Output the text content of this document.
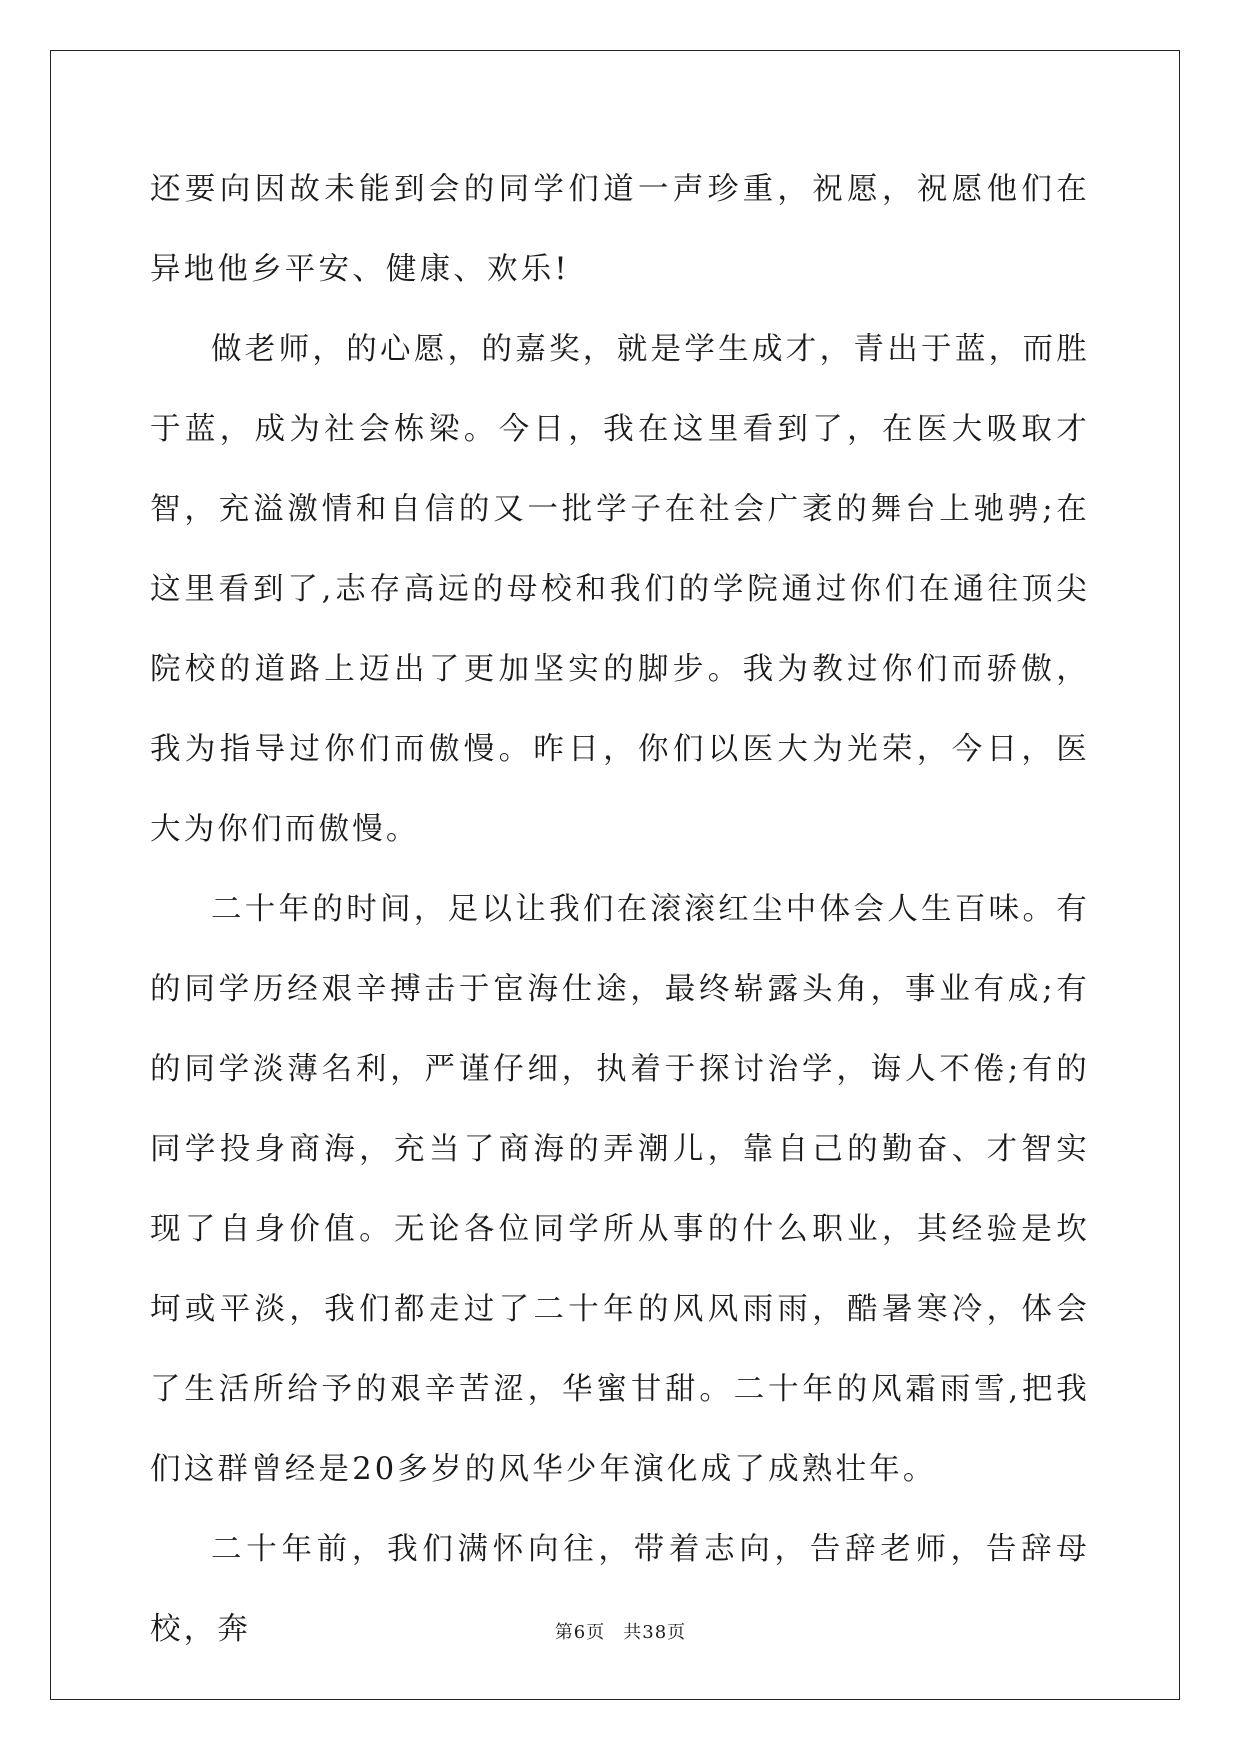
还要向因故未能到会的同学们道一声珍重，祝愿，祝愿他们在异地他乡平安、健康、欢乐!

做老师，的心愿，的嘉奖，就是学生成才，青出于蓝，而胜于蓝，成为社会栋梁。今日，我在这里看到了，在医大吸取才智，充溢激情和自信的又一批学子在社会广袤的舞台上驰骋;在这里看到了,志存高远的母校和我们的学院通过你们在通往顶尖院校的道路上迈出了更加坚实的脚步。我为教过你们而骄傲，我为指导过你们而傲慢。昨日，你们以医大为光荣，今日，医大为你们而傲慢。

二十年的时间，足以让我们在滚滚红尘中体会人生百味。有的同学历经艰辛搏击于宦海仕途，最终崭露头角，事业有成;有的同学淡薄名利，严谨仔细，执着于探讨治学，诲人不倦;有的同学投身商海，充当了商海的弄潮儿，靠自己的勤奋、才智实现了自身价值。无论各位同学所从事的什么职业，其经验是坎坷或平淡，我们都走过了二十年的风风雨雨，酷暑寒冷，体会了生活所给予的艰辛苦涩，华蜜甘甜。二十年的风霜雨雪,把我们这群曾经是20多岁的风华少年演化成了成熟壮年。

二十年前，我们满怀向往，带着志向，告辞老师，告辞母校，奔	第6页 共38页
